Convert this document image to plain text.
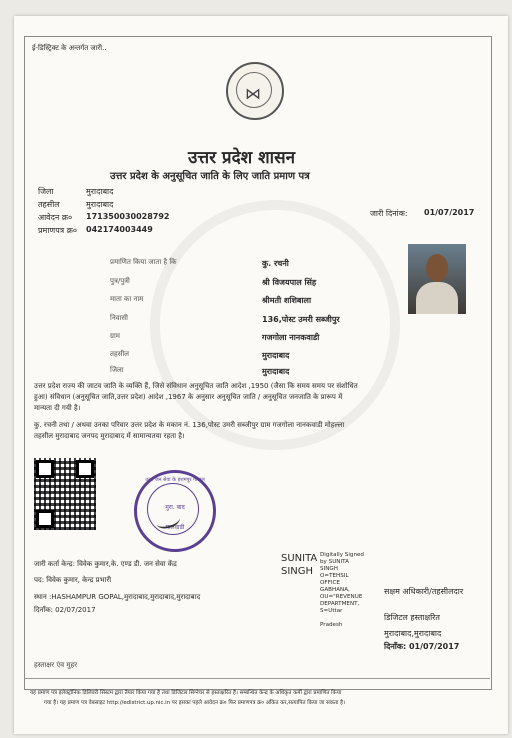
ई-डिस्ट्रिक्ट के अन्तर्गत जारी..
⋈
उत्तर प्रदेश शासन
उत्तर प्रदेश के अनुसूचित जाति के लिए जाति प्रमाण पत्र
जिला	मुरादाबाद
तहसील	मुरादाबाद
आवेदन क्र० 171350030028792
प्रमाणपत्र क्र० 042174003449
जारी दिनांक: 01/07/2017
प्रमाणित किया जाता है कि	कु. रचनी
पुत्र/पुत्री	श्री विजयपाल सिंह
माता का नाम	श्रीमती शशिबाला
निवासी	136,पोस्ट उमरी सब्जीपुर
ग्राम	गजगोला नानकवाडी
तहसील	मुरादाबाद
जिला	मुरादाबाद
उत्तर प्रदेश राज्य की जाटव जाति के व्यक्ति हैं, जिसे संविधान अनुसूचित जाति आदेश ,1950 (जैसा कि समय समय पर संशोधित
हुआ) संविधान (अनुसूचित जाति,उत्तर प्रदेश) आदेश ,1967 के अनुसार अनुसूचित जाति / अनुसूचित जनजाति के प्रारूप में
मान्यता दी गयी है।
कु. रचनी तथा / अथवा उनका परिवार उत्तर प्रदेश के मकान नं. 136,पोस्ट उमरी सब्जीपुर ग्राम गजगोला नानकवाडी मोहल्ला
तहसील मुरादाबाद जनपद मुरादाबाद में सामान्यतया रहता है।
उत्तर जन सेवा के हशमपुर गोपाल
मुरा. बाद
पालवाडी
जारी कर्ता केन्द्र: विवेक कुमार,के. एण्ड डी. जन सेवा केंद्र
पद: विवेक कुमार, केन्द्र प्रभारी
स्थान :HASHAMPUR GOPAL,मुरादाबाद,मुरादाबाद,मुरादाबाद
दिनाँक: 02/07/2017
SUNITA
SINGH
Digitally Signed
by SUNITA
SINGH
O=TEHSIL
OFFICE
GABHANA,
OU="REVENUE
DEPARTMENT,
S=Uttar
Pradesh
सक्षम अधिकारी/तहसीलदार
डिजिटल हस्ताक्षरित
मुरादाबाद,मुरादाबाद
दिनाँक: 01/07/2017
हस्ताक्षर एंव मुहर
यह प्रमाण पत्र इलेक्ट्रॉनिक डिलिवरी सिस्टम द्वारा तैयार किया गया है तथा डिजिटल सिग्नेचर से हस्ताक्षरित है। सम्बन्धित केन्द्र के अधिकृत कर्मी द्वारा प्रमाणित किया
गया है। यह प्रमाण पत्र वेबसाइट http://edistrict.up.nic.in पर इसका पहले आवेदन क्र० फिर प्रमाणपत्र क्र० अंकित कर,सत्यापित किया जा सकता है।
